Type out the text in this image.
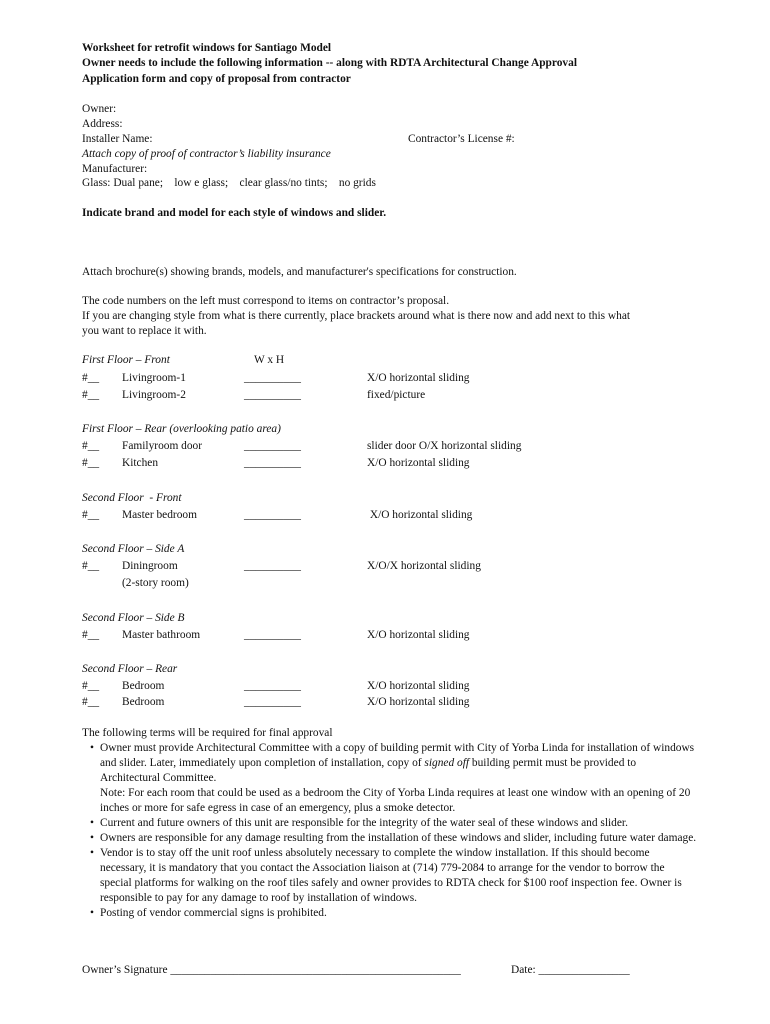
Worksheet for retrofit windows for Santiago Model
Owner needs to include the following information -- along with RDTA Architectural Change Approval
Application form and copy of proposal from contractor
Owner:
Address:
Installer Name:	Contractor’s License #:
Attach copy of proof of contractor’s liability insurance
Manufacturer:
Glass: Dual pane;    low e glass;    clear glass/no tints;    no grids
Indicate brand and model for each style of windows and slider.
Attach brochure(s) showing brands, models, and manufacturer's specifications for construction.
The code numbers on the left must correspond to items on contractor’s proposal.
If you are changing style from what is there currently, place brackets around what is there now and add next to this what
you want to replace it with.
First Floor – Front	W x H
#__ Livingroom-1	__________	X/O horizontal sliding
#__ Livingroom-2	__________	fixed/picture
First Floor – Rear (overlooking patio area)
#__ Familyroom door	__________	slider door O/X horizontal sliding
#__ Kitchen	__________	X/O horizontal sliding
Second Floor  - Front
#__ Master bedroom	__________	X/O horizontal sliding
Second Floor – Side A
#__ Diningroom	__________	X/O/X horizontal sliding
(2-story room)
Second Floor – Side B
#__ Master bathroom	__________	X/O horizontal sliding
Second Floor – Rear
#__ Bedroom	__________	X/O horizontal sliding
#__ Bedroom	__________	X/O horizontal sliding
The following terms will be required for final approval
• Owner must provide Architectural Committee with a copy of building permit with City of Yorba Linda for installation of windows and slider. Later, immediately upon completion of installation, copy of signed off building permit must be provided to Architectural Committee.
Note: For each room that could be used as a bedroom the City of Yorba Linda requires at least one window with an opening of 20 inches or more for safe egress in case of an emergency, plus a smoke detector.
• Current and future owners of this unit are responsible for the integrity of the water seal of these windows and slider.
• Owners are responsible for any damage resulting from the installation of these windows and slider, including future water damage.
• Vendor is to stay off the unit roof unless absolutely necessary to complete the window installation. If this should become necessary, it is mandatory that you contact the Association liaison at (714) 779-2084 to arrange for the vendor to borrow the special platforms for walking on the roof tiles safely and owner provides to RDTA check for $100 roof inspection fee. Owner is responsible to pay for any damage to roof by installation of windows.
• Posting of vendor commercial signs is prohibited.
Owner’s Signature ___________________________________________________	Date: ________________
